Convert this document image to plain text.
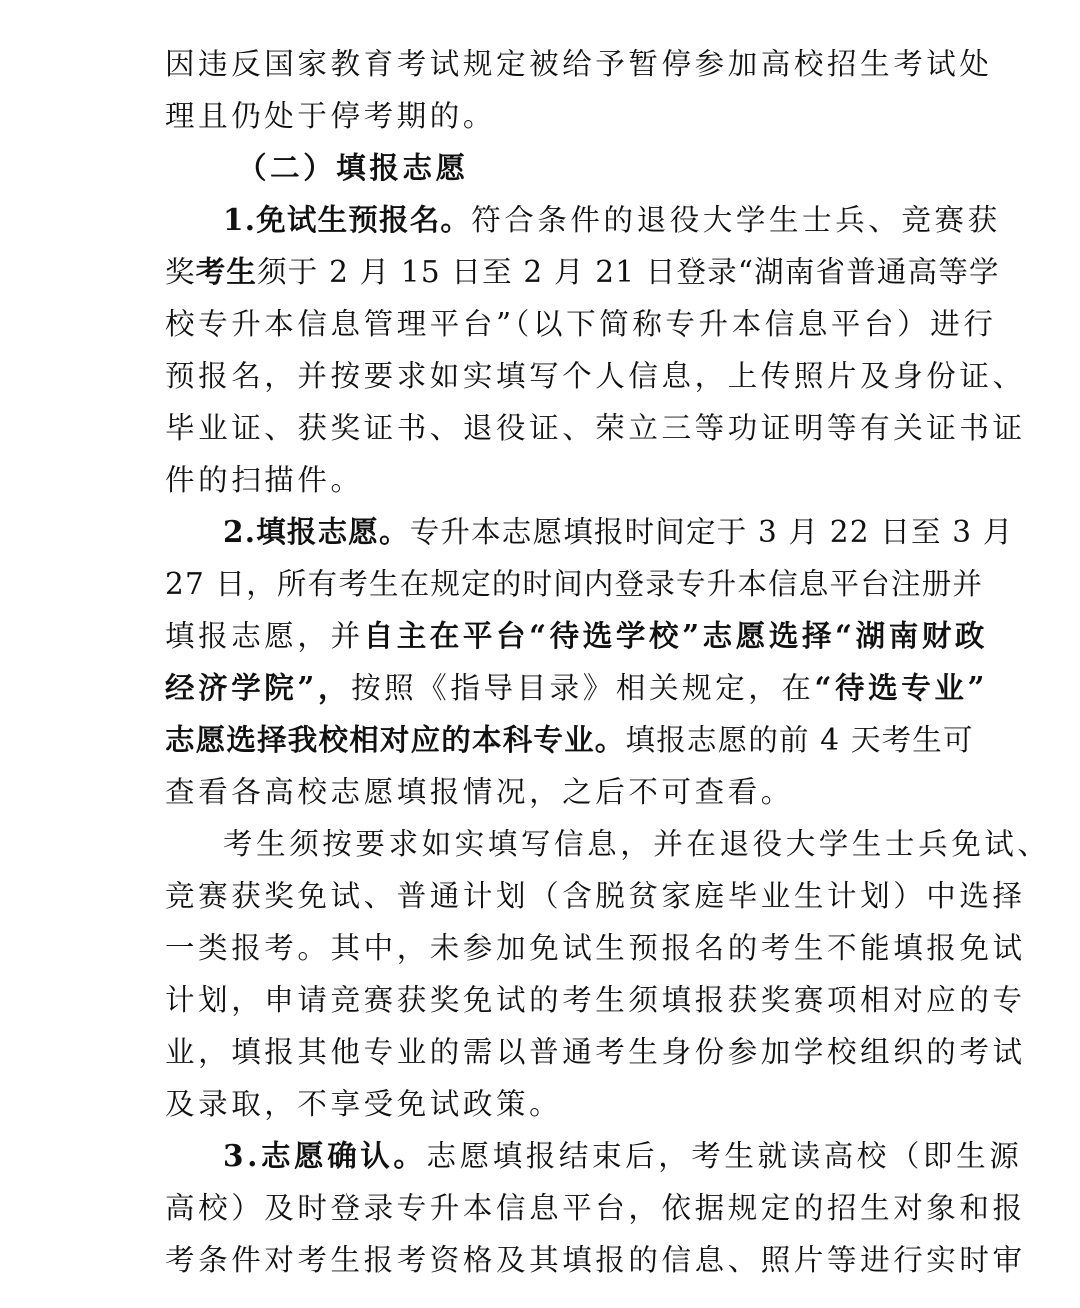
因违反国家教育考试规定被给予暂停参加高校招生考试处
理且仍处于停考期的。
（二）填报志愿
1.免试生预报名。符合条件的退役大学生士兵、竞赛获
奖考生须于 2 月 15 日至 2 月 21 日登录“湖南省普通高等学
校专升本信息管理平台”（以下简称专升本信息平台）进行
预报名，并按要求如实填写个人信息，上传照片及身份证、
毕业证、获奖证书、退役证、荣立三等功证明等有关证书证
件的扫描件。
2.填报志愿。专升本志愿填报时间定于 3 月 22 日至 3 月
27 日，所有考生在规定的时间内登录专升本信息平台注册并
填报志愿，并自主在平台“待选学校”志愿选择“湖南财政
经济学院”，按照《指导目录》相关规定，在“待选专业”
志愿选择我校相对应的本科专业。填报志愿的前 4 天考生可
查看各高校志愿填报情况，之后不可查看。
考生须按要求如实填写信息，并在退役大学生士兵免试、
竞赛获奖免试、普通计划（含脱贫家庭毕业生计划）中选择
一类报考。其中，未参加免试生预报名的考生不能填报免试
计划，申请竞赛获奖免试的考生须填报获奖赛项相对应的专
业，填报其他专业的需以普通考生身份参加学校组织的考试
及录取，不享受免试政策。
3.志愿确认。志愿填报结束后，考生就读高校（即生源
高校）及时登录专升本信息平台，依据规定的招生对象和报
考条件对考生报考资格及其填报的信息、照片等进行实时审
